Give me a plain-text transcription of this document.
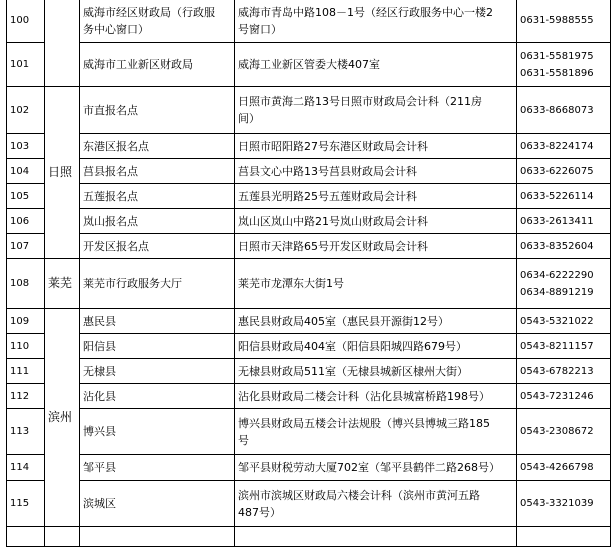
100		威海市经区财政局（行政服
务中心窗口）	威海市青岛中路108－1号（经区行政服务中心一楼2
号窗口）	0631-5988555

101		威海市工业新区财政局	威海工业新区管委大楼407室	0631-5581975
0631-5581896

102	日照	市直报名点	日照市黄海二路13号日照市财政局会计科（211房
间）	0633-8668073

103		东港区报名点	日照市昭阳路27号东港区财政局会计科	0633-8224174

104		莒县报名点	莒县文心中路13号莒县财政局会计科	0633-6226075

105		五莲报名点	五莲县光明路25号五莲财政局会计科	0633-5226114

106		岚山报名点	岚山区岚山中路21号岚山财政局会计科	0633-2613411

107		开发区报名点	日照市天津路65号开发区财政局会计科	0633-8352604

108	莱芜	莱芜市行政服务大厅	莱芜市龙潭东大街1号	0634-6222290
0634-8891219

109	滨州	惠民县	惠民县财政局405室（惠民县开源街12号）	0543-5321022

110		阳信县	阳信县财政局404室（阳信县阳城四路679号）	0543-8211157

111		无棣县	无棣县财政局511室（无棣县城新区棣州大街）	0543-6782213

112		沾化县	沾化县财政局二楼会计科（沾化县城富桥路198号）	0543-7231246

113		博兴县	博兴县财政局五楼会计法规股（博兴县博城三路185
号	0543-2308672

114		邹平县	邹平县财税劳动大厦702室（邹平县鹤伴二路268号）	0543-4266798

115		滨城区	滨州市滨城区财政局六楼会计科（滨州市黄河五路
487号）	0543-3321039
